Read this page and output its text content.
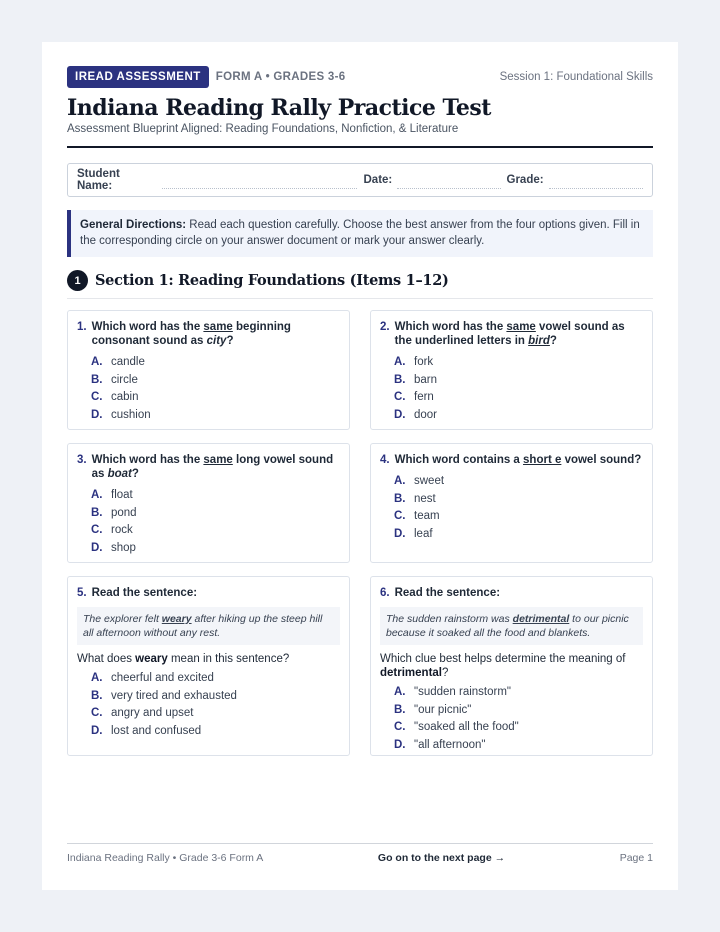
IREAD ASSESSMENT	FORM A • GRADES 3-6	Session 1: Foundational Skills
Indiana Reading Rally Practice Test
Assessment Blueprint Aligned: Reading Foundations, Nonfiction, & Literature
Student Name:	Date:	Grade:
General Directions: Read each question carefully. Choose the best answer from the four options given. Fill in the corresponding circle on your answer document or mark your answer clearly.
1 Section 1: Reading Foundations (Items 1–12)
1. Which word has the same beginning consonant sound as city?
A. candle
B. circle
C. cabin
D. cushion
2. Which word has the same vowel sound as the underlined letters in bird?
A. fork
B. barn
C. fern
D. door
3. Which word has the same long vowel sound as boat?
A. float
B. pond
C. rock
D. shop
4. Which word contains a short e vowel sound?
A. sweet
B. nest
C. team
D. leaf
5. Read the sentence:
The explorer felt weary after hiking up the steep hill all afternoon without any rest.
What does weary mean in this sentence?
A. cheerful and excited
B. very tired and exhausted
C. angry and upset
D. lost and confused
6. Read the sentence:
The sudden rainstorm was detrimental to our picnic because it soaked all the food and blankets.
Which clue best helps determine the meaning of detrimental?
A. "sudden rainstorm"
B. "our picnic"
C. "soaked all the food"
D. "all afternoon"
Indiana Reading Rally • Grade 3-6 Form A	Go on to the next page →	Page 1
